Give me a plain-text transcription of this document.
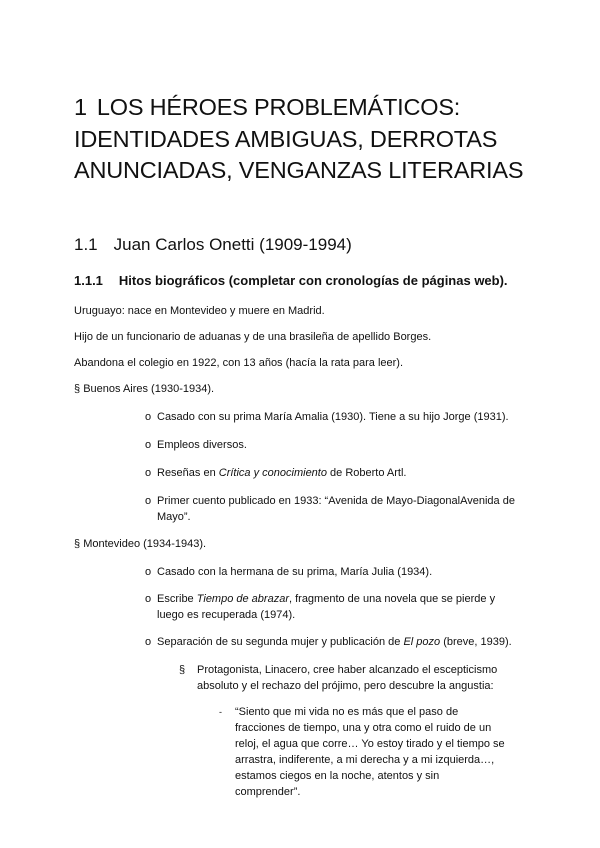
1 LOS HÉROES PROBLEMÁTICOS: IDENTIDADES AMBIGUAS, DERROTAS ANUNCIADAS, VENGANZAS LITERARIAS
1.1 Juan Carlos Onetti (1909-1994)
1.1.1 Hitos biográficos (completar con cronologías de páginas web).

Uruguayo: nace en Montevideo y muere en Madrid.

Hijo de un funcionario de aduanas y de una brasileña de apellido Borges.

Abandona el colegio en 1922, con 13 años (hacía la rata para leer).

§ Buenos Aires (1930-1934).

o Casado con su prima María Amalia (1930). Tiene a su hijo Jorge (1931).
o Empleos diversos.
o Reseñas en Crítica y conocimiento de Roberto Artl.
o Primer cuento publicado en 1933: “Avenida de Mayo-DiagonalAvenida de Mayo”.

§ Montevideo (1934-1943).

o Casado con la hermana de su prima, María Julia (1934).
o Escribe Tiempo de abrazar, fragmento de una novela que se pierde y luego es recuperada (1974).
o Separación de su segunda mujer y publicación de El pozo (breve, 1939).
§ Protagonista, Linacero, cree haber alcanzado el escepticismo absoluto y el rechazo del prójimo, pero descubre la angustia:
- “Siento que mi vida no es más que el paso de fracciones de tiempo, una y otra como el ruido de un reloj, el agua que corre… Yo estoy tirado y el tiempo se arrastra, indiferente, a mi derecha y a mi izquierda…, estamos ciegos en la noche, atentos y sin comprender”.
